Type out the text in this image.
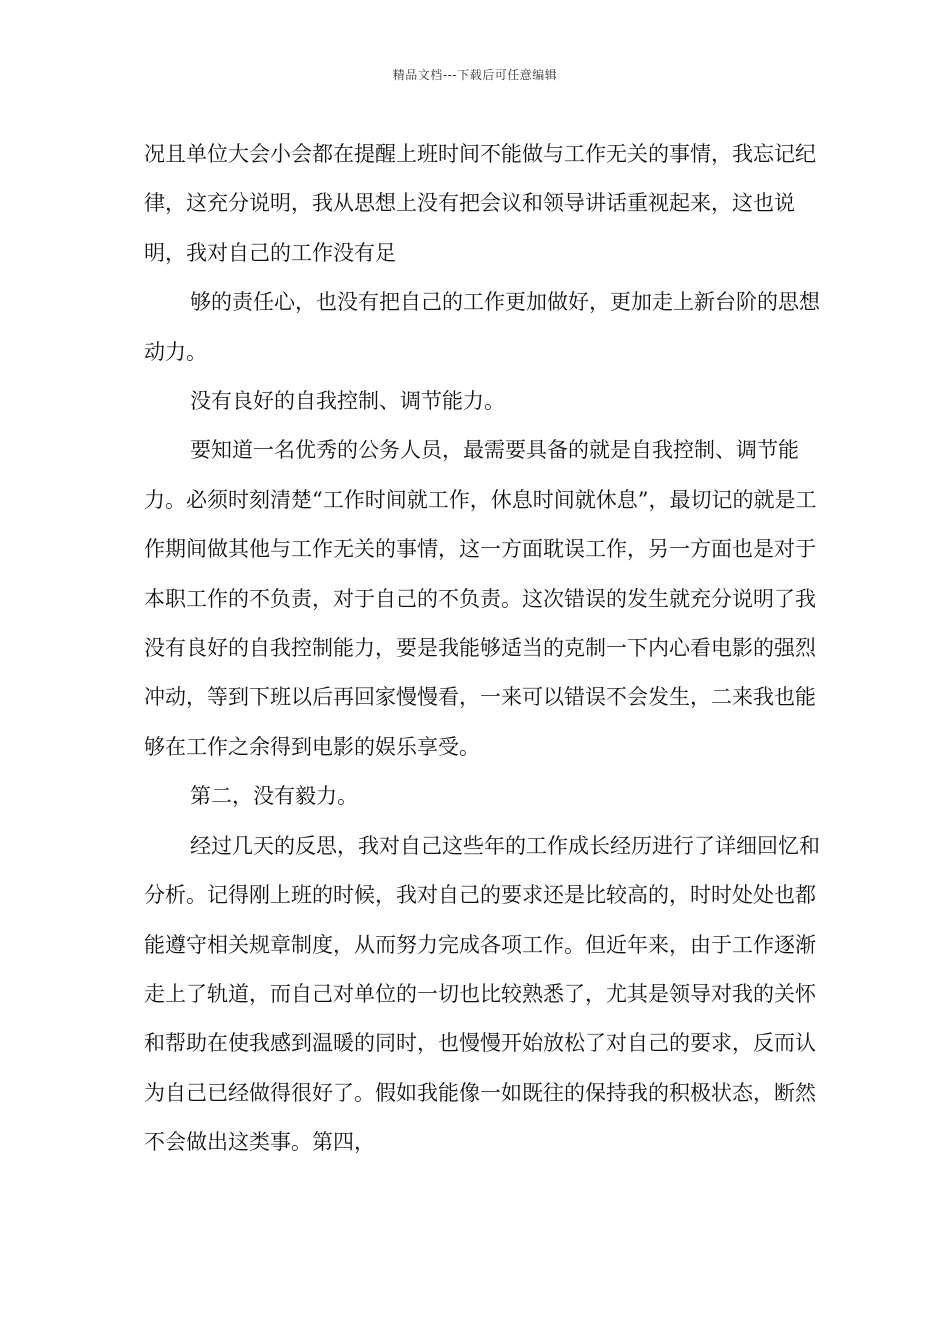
精品文档---下载后可任意编辑

况且单位大会小会都在提醒上班时间不能做与工作无关的事情，我忘记纪律，这充分说明，我从思想上没有把会议和领导讲话重视起来，这也说明，我对自己的工作没有足

够的责任心，也没有把自己的工作更加做好，更加走上新台阶的思想动力。

没有良好的自我控制、调节能力。

要知道一名优秀的公务人员，最需要具备的就是自我控制、调节能力。必须时刻清楚“工作时间就工作，休息时间就休息”，最切记的就是工作期间做其他与工作无关的事情，这一方面耽误工作，另一方面也是对于本职工作的不负责，对于自己的不负责。这次错误的发生就充分说明了我没有良好的自我控制能力，要是我能够适当的克制一下内心看电影的强烈冲动，等到下班以后再回家慢慢看，一来可以错误不会发生，二来我也能够在工作之余得到电影的娱乐享受。

第二，没有毅力。

经过几天的反思，我对自己这些年的工作成长经历进行了详细回忆和分析。记得刚上班的时候，我对自己的要求还是比较高的，时时处处也都能遵守相关规章制度，从而努力完成各项工作。但近年来，由于工作逐渐走上了轨道，而自己对单位的一切也比较熟悉了，尤其是领导对我的关怀和帮助在使我感到温暖的同时，也慢慢开始放松了对自己的要求，反而认为自己已经做得很好了。假如我能像一如既往的保持我的积极状态，断然不会做出这类事。第四，
